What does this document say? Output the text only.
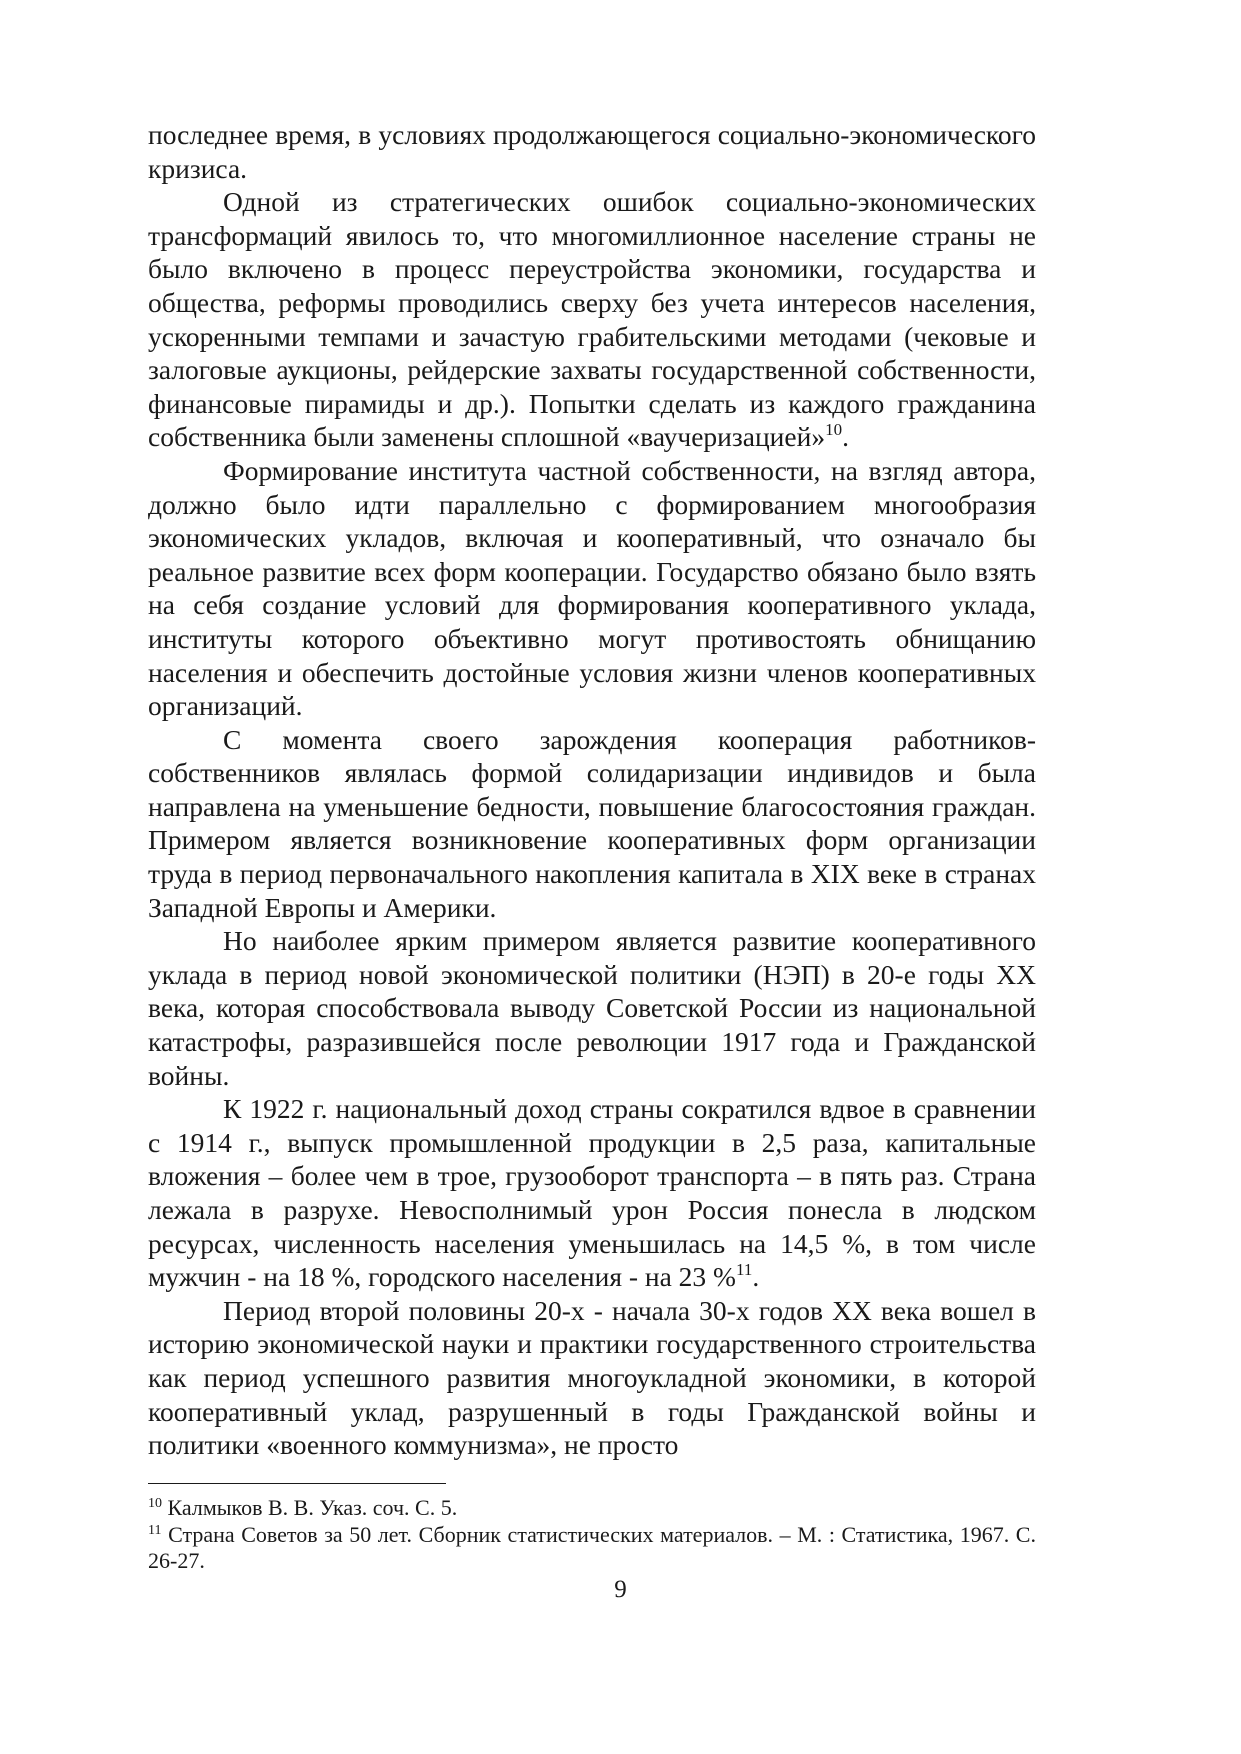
последнее время, в условиях продолжающегося социально-экономического кризиса.

Одной из стратегических ошибок социально-экономических трансформаций явилось то, что многомиллионное население страны не было включено в процесс переустройства экономики, государства и общества, реформы проводились сверху без учета интересов населения, ускоренными темпами и зачастую грабительскими методами (чековые и залоговые аукционы, рейдерские захваты государственной собственности, финансовые пирамиды и др.). Попытки сделать из каждого гражданина собственника были заменены сплошной «ваучеризацией»$^{10}$.

Формирование института частной собственности, на взгляд автора, должно было идти параллельно с формированием многообразия экономических укладов, включая и кооперативный, что означало бы реальное развитие всех форм кооперации. Государство обязано было взять на себя создание условий для формирования кооперативного уклада, институты которого объективно могут противостоять обнищанию населения и обеспечить достойные условия жизни членов кооперативных организаций.

С момента своего зарождения кооперация работников-собственников являлась формой солидаризации индивидов и была направлена на уменьшение бедности, повышение благосостояния граждан. Примером является возникновение кооперативных форм организации труда в период первоначального накопления капитала в XIX веке в странах Западной Европы и Америки.

Но наиболее ярким примером является развитие кооперативного уклада в период новой экономической политики (НЭП) в 20-е годы XX века, которая способствовала выводу Советской России из национальной катастрофы, разразившейся после революции 1917 года и Гражданской войны.

К 1922 г. национальный доход страны сократился вдвое в сравнении с 1914 г., выпуск промышленной продукции в 2,5 раза, капитальные вложения – более чем в трое, грузооборот транспорта – в пять раз. Страна лежала в разрухе. Невосполнимый урон Россия понесла в людском ресурсах, численность населения уменьшилась на 14,5 %, в том числе мужчин - на 18 %, городского населения - на 23 %$^{11}$.

Период второй половины 20-х - начала 30-х годов XX века вошел в историю экономической науки и практики государственного строительства как период успешного развития многоукладной экономики, в которой кооперативный уклад, разрушенный в годы Гражданской войны и политики «военного коммунизма», не просто

$^{10}$ Калмыков В. В. Указ. соч. С. 5.

$^{11}$ Страна Советов за 50 лет. Сборник статистических материалов. – М. : Статистика, 1967. С. 26-27.

9
